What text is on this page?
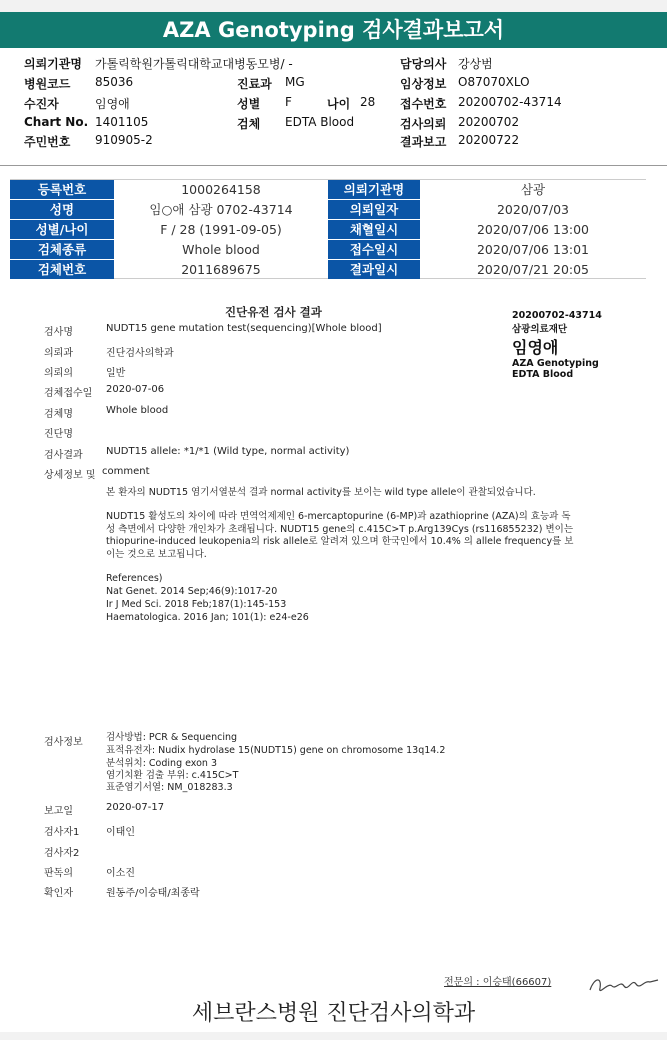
AZA Genotyping 검사결과보고서
의뢰기관명 가톨릭학원가톨릭대학교대병동모병/ -
병원코드 85036
수진자	임영애
Chart No. 1401105
주민번호 910905-2
진료과 MG
성별 F	나이 28
검체 EDTA Blood
담당의사 강상범
임상정보 O87070XLO
접수번호 20200702-43714
검사의뢰 20200702
결과보고 20200722
등록번호	1000264158	의뢰기관명	삼광
성명	임○애 삼광 0702-43714	의뢰일자	2020/07/03
성별/나이	F / 28 (1991-09-05)	채혈일시	2020/07/06 13:00
검체종류	Whole blood	접수일시	2020/07/06 13:01
검체번호	2011689675	결과일시	2020/07/21 20:05
진단유전 검사 결과	20200702-43714
삼광의료재단
임영애
AZA Genotyping
EDTA Blood
검사명	NUDT15 gene mutation test(sequencing)[Whole blood]
의뢰과	진단검사의학과
의뢰의	일반
검체접수일 2020-07-06
검체명	Whole blood
진단명
검사결과 NUDT15 allele: *1/*1 (Wild type, normal activity)
상세정보 및 comment
본 환자의 NUDT15 염기서열분석 결과 normal activity를 보이는 wild type allele이 관찰되었습니다.
NUDT15 활성도의 차이에 따라 면역억제제인 6-mercaptopurine (6-MP)과 azathioprine (AZA)의 효능과 독성 측면에서 다양한 개인차가 초래됩니다. NUDT15 gene의 c.415C>T p.Arg139Cys (rs116855232) 변이는 thiopurine-induced leukopenia의 risk allele로 알려져 있으며 한국인에서 10.4% 의 allele frequency를 보이는 것으로 보고됩니다.
References)
Nat Genet. 2014 Sep;46(9):1017-20
Ir J Med Sci. 2018 Feb;187(1):145-153
Haematologica. 2016 Jan; 101(1): e24-e26
검사정보 검사방법: PCR & Sequencing
표적유전자: Nudix hydrolase 15(NUDT15) gene on chromosome 13q14.2
분석위치: Coding exon 3
염기치환 검출 부위: c.415C>T
표준염기서열: NM_018283.3
보고일	2020-07-17
검사자1	이태인
검사자2
판독의	이소진
확인자	원동주/이승태/최종락
전문의 : 이승태(66607)
세브란스병원 진단검사의학과
